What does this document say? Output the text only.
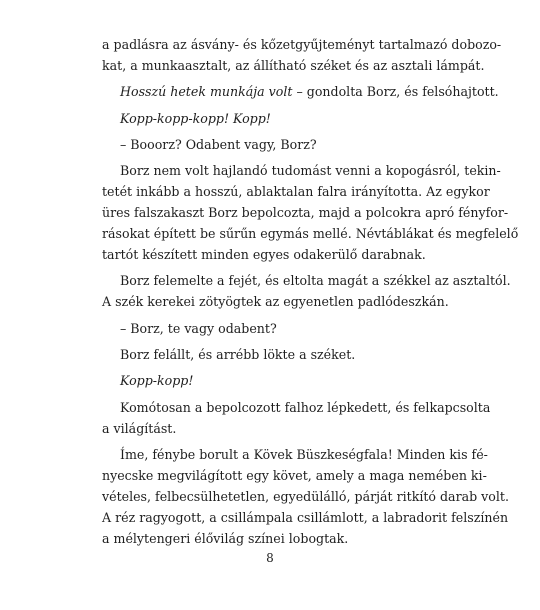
a padlásra az ásvány- és kőzetgyűjteményt tartalmazó dobozo-
kat, a munkaasztalt, az állítható széket és az asztali lámpát.
Hosszú hetek munkája volt – gondolta Borz, és felsóhajtott.
Kopp-kopp-kopp! Kopp!
– Booorz? Odabent vagy, Borz?
Borz nem volt hajlandó tudomást venni a kopogásról, tekin-
tetét inkább a hosszú, ablaktalan falra irányította. Az egykor
üres falszakaszt Borz bepolcozta, majd a polcokra apró fényfor-
rásokat épített be sűrűn egymás mellé. Névtáblákat és megfelelő
tartót készített minden egyes odakerülő darabnak.
Borz felemelte a fejét, és eltolta magát a székkel az asztaltól.
A szék kerekei zötyögtek az egyenetlen padlódeszkán.
– Borz, te vagy odabent?
Borz felállt, és arrébb lökte a széket.
Kopp-kopp!
Komótosan a bepolcozott falhoz lépkedett, és felkapcsolta
a világítást.
Íme, fénybe borult a Kövek Büszkeségfala! Minden kis fé-
nyecske megvilágított egy követ, amely a maga nemében ki-
vételes, felbecsülhetetlen, egyedülálló, párját ritkító darab volt.
A réz ragyogott, a csillámpala csillámlott, a labradorit felszínén
a mélytengeri élővilág színei lobogtak.
8
